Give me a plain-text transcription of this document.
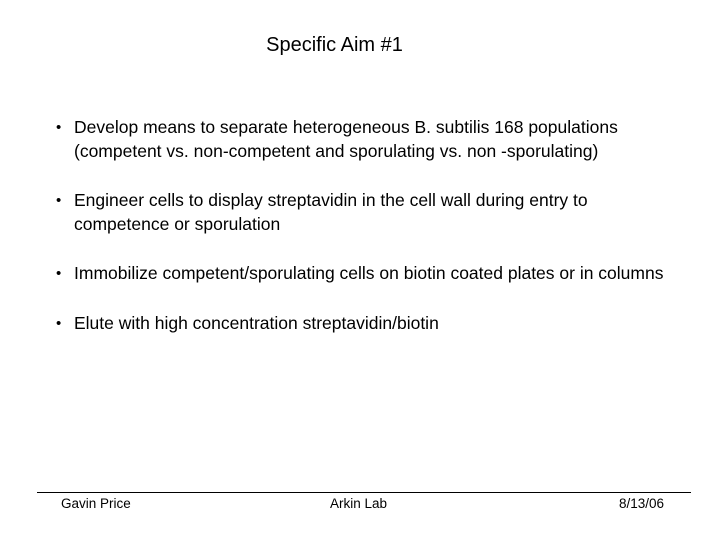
Specific Aim #1
• Develop means to separate heterogeneous B. subtilis 168 populations (competent vs. non-competent and sporulating vs. non -sporulating)
• Engineer cells to display streptavidin in the cell wall during entry to competence or sporulation
• Immobilize competent/sporulating cells on biotin coated plates or in columns
• Elute with high concentration streptavidin/biotin
Gavin Price	Arkin Lab	8/13/06
